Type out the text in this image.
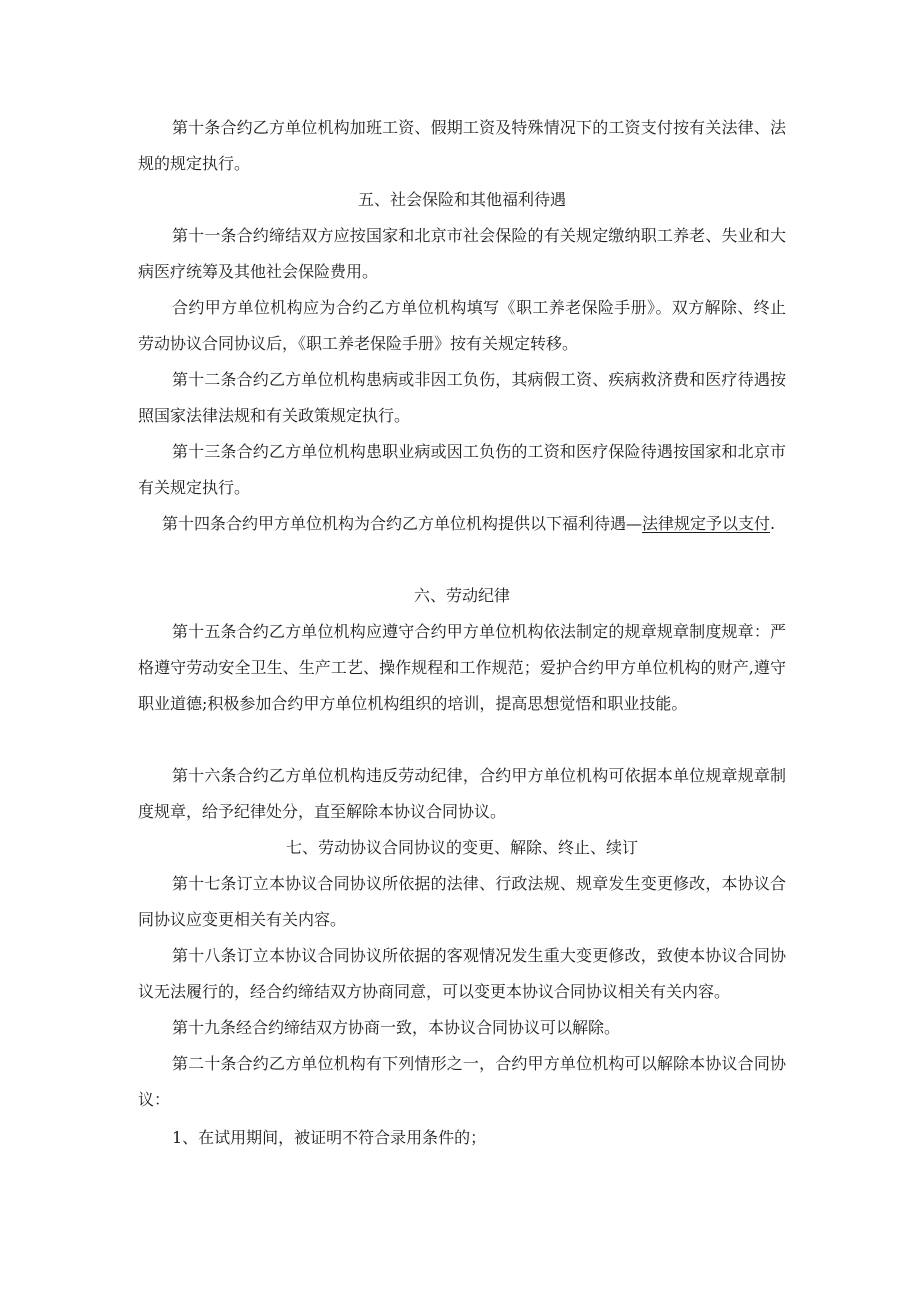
第十条合约乙方单位机构加班工资、假期工资及特殊情况下的工资支付按有关法律、法规的规定执行。

五、社会保险和其他福利待遇

第十一条合约缔结双方应按国家和北京市社会保险的有关规定缴纳职工养老、失业和大病医疗统筹及其他社会保险费用。

合约甲方单位机构应为合约乙方单位机构填写《职工养老保险手册》。双方解除、终止劳动协议合同协议后，《职工养老保险手册》按有关规定转移。

第十二条合约乙方单位机构患病或非因工负伤，其病假工资、疾病救济费和医疗待遇按照国家法律法规和有关政策规定执行。

第十三条合约乙方单位机构患职业病或因工负伤的工资和医疗保险待遇按国家和北京市有关规定执行。

第十四条合约甲方单位机构为合约乙方单位机构提供以下福利待遇—法律规定予以支付.

六、劳动纪律

第十五条合约乙方单位机构应遵守合约甲方单位机构依法制定的规章规章制度规章：严格遵守劳动安全卫生、生产工艺、操作规程和工作规范；爱护合约甲方单位机构的财产,遵守职业道德;积极参加合约甲方单位机构组织的培训，提高思想觉悟和职业技能。

第十六条合约乙方单位机构违反劳动纪律，合约甲方单位机构可依据本单位规章规章制度规章，给予纪律处分，直至解除本协议合同协议。

七、劳动协议合同协议的变更、解除、终止、续订

第十七条订立本协议合同协议所依据的法律、行政法规、规章发生变更修改，本协议合同协议应变更相关有关内容。

第十八条订立本协议合同协议所依据的客观情况发生重大变更修改，致使本协议合同协议无法履行的，经合约缔结双方协商同意，可以变更本协议合同协议相关有关内容。

第十九条经合约缔结双方协商一致，本协议合同协议可以解除。

第二十条合约乙方单位机构有下列情形之一，合约甲方单位机构可以解除本协议合同协议：

1、在试用期间，被证明不符合录用条件的；
